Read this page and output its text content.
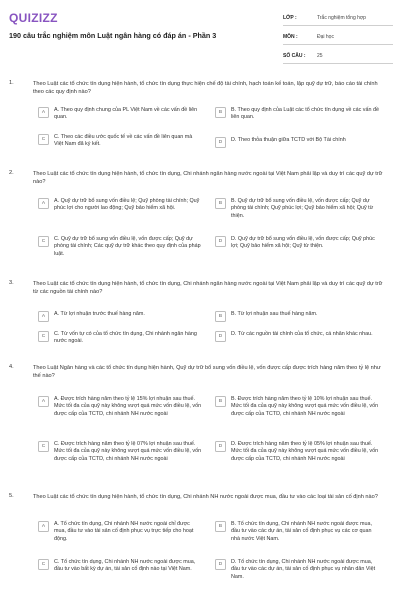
QUIZIZZ
190 câu trắc nghiệm môn Luật ngân hàng có đáp án - Phần 3
LỚP :	Trắc nghiệm tổng hợp
MÔN :	Đại học
SỐ CÂU :	25
1.	Theo Luật các tổ chức tín dụng hiện hành, tổ chức tín dụng thực hiện chế độ tài chính, hạch toán kế toán, lập quỹ dự trữ, báo cáo tài chính theo các quy định nào?
A	A. Theo quy định chung của PL Việt Nam về các vấn đề liên quan.
B	B. Theo quy định của Luật các tổ chức tín dụng về các vấn đề liên quan.
C	C. Theo các điều ước quốc tế về các vấn đề liên quan mà Việt Nam đã ký kết.	D	D. Theo thỏa thuận giữa TCTD với Bộ Tài chính
2.	Theo Luật các tổ chức tín dụng hiện hành, tổ chức tín dụng, Chi nhánh ngân hàng nước ngoài tại Việt Nam phải lập và duy trì các quỹ dự trữ nào?
A	A. Quỹ dự trữ bổ sung vốn điều lệ; Quỹ phòng tài chính; Quỹ phúc lợi cho người lao động; Quỹ bảo hiểm xã hội.
B	B. Quỹ dự trữ bổ sung vốn điều lệ, vốn được cấp; Quỹ dự phòng tài chính; Quỹ phúc lợi; Quỹ bảo hiểm xã hội; Quỹ từ thiện.
C	C. Quỹ dự trữ bổ sung vốn điều lệ, vốn được cấp; Quỹ dự phòng tài chính; Các quỹ dự trữ khác theo quy định của pháp luật.
D	D. Quỹ dự trữ bổ sung vốn điều lệ, vốn được cấp; Quỹ phúc lợi; Quỹ bảo hiểm xã hội; Quỹ từ thiện.
3.	Theo Luật các tổ chức tín dụng hiện hành, tổ chức tín dụng, Chi nhánh ngân hàng nước ngoài tại Việt Nam phải lập và duy trì các quỹ dự trữ từ các nguồn tài chính nào?
A	A. Từ lợi nhuận trước thuế hàng năm.	B	B. Từ lợi nhuận sau thuế hàng năm.
C	C. Từ vốn tự có của tổ chức tín dụng, Chi nhánh ngân hàng nước ngoài.
D	D. Từ các nguồn tài chính của tổ chức, cá nhân khác nhau.
4.	Theo Luật Ngân hàng và các tổ chức tín dụng hiện hành, Quỹ dự trữ bổ sung vốn điều lệ, vốn được cấp được trích hàng năm theo tỷ lệ như thế nào?
A	A. Được trích hàng năm theo tỷ lệ 15% lợi nhuận sau thuế. Mức tối đa của quỹ này không vượt quá mức vốn điều lệ, vốn được cấp của TCTD, chi nhánh NH nước ngoài
B	B. Được trích hàng năm theo tỷ lệ 10% lợi nhuận sau thuế. Mức tối đa của quỹ này không vượt quá mức vốn điều lệ, vốn được cấp của TCTD, chi nhánh NH nước ngoài
C	C. Được trích hàng năm theo tỷ lệ 07% lợi nhuận sau thuế. Mức tối đa của quỹ này không vượt quá mức vốn điều lệ, vốn được cấp của TCTD, chi nhánh NH nước ngoài
D	D. Được trích hàng năm theo tỷ lệ 05% lợi nhuận sau thuế. Mức tối đa của quỹ này không vượt quá mức vốn điều lệ, vốn được cấp của TCTD, chi nhánh NH nước ngoài
5.	Theo Luật các tổ chức tín dụng hiện hành, tổ chức tín dụng, Chi nhánh NH nước ngoài được mua, đầu tư vào các loại tài sản cố định nào?
A	A. Tổ chức tín dụng, Chi nhánh NH nước ngoài chỉ được mua, đầu tư vào tài sản cố định phục vụ trực tiếp cho hoạt động.
B	B. Tổ chức tín dụng, Chi nhánh NH nước ngoài được mua, đầu tư vào các dự án, tài sản cố định phục vụ các cơ quan nhà nước Việt Nam.
C	C. Tổ chức tín dụng, Chi nhánh NH nước ngoài được mua, đầu tư vào bất kỳ dự án, tài sản cố định nào tại Việt Nam.
D	D. Tổ chức tín dụng, Chi nhánh NH nước ngoài được mua, đầu tư vào các dự án, tài sản cố định phục vụ nhân dân Việt Nam.
